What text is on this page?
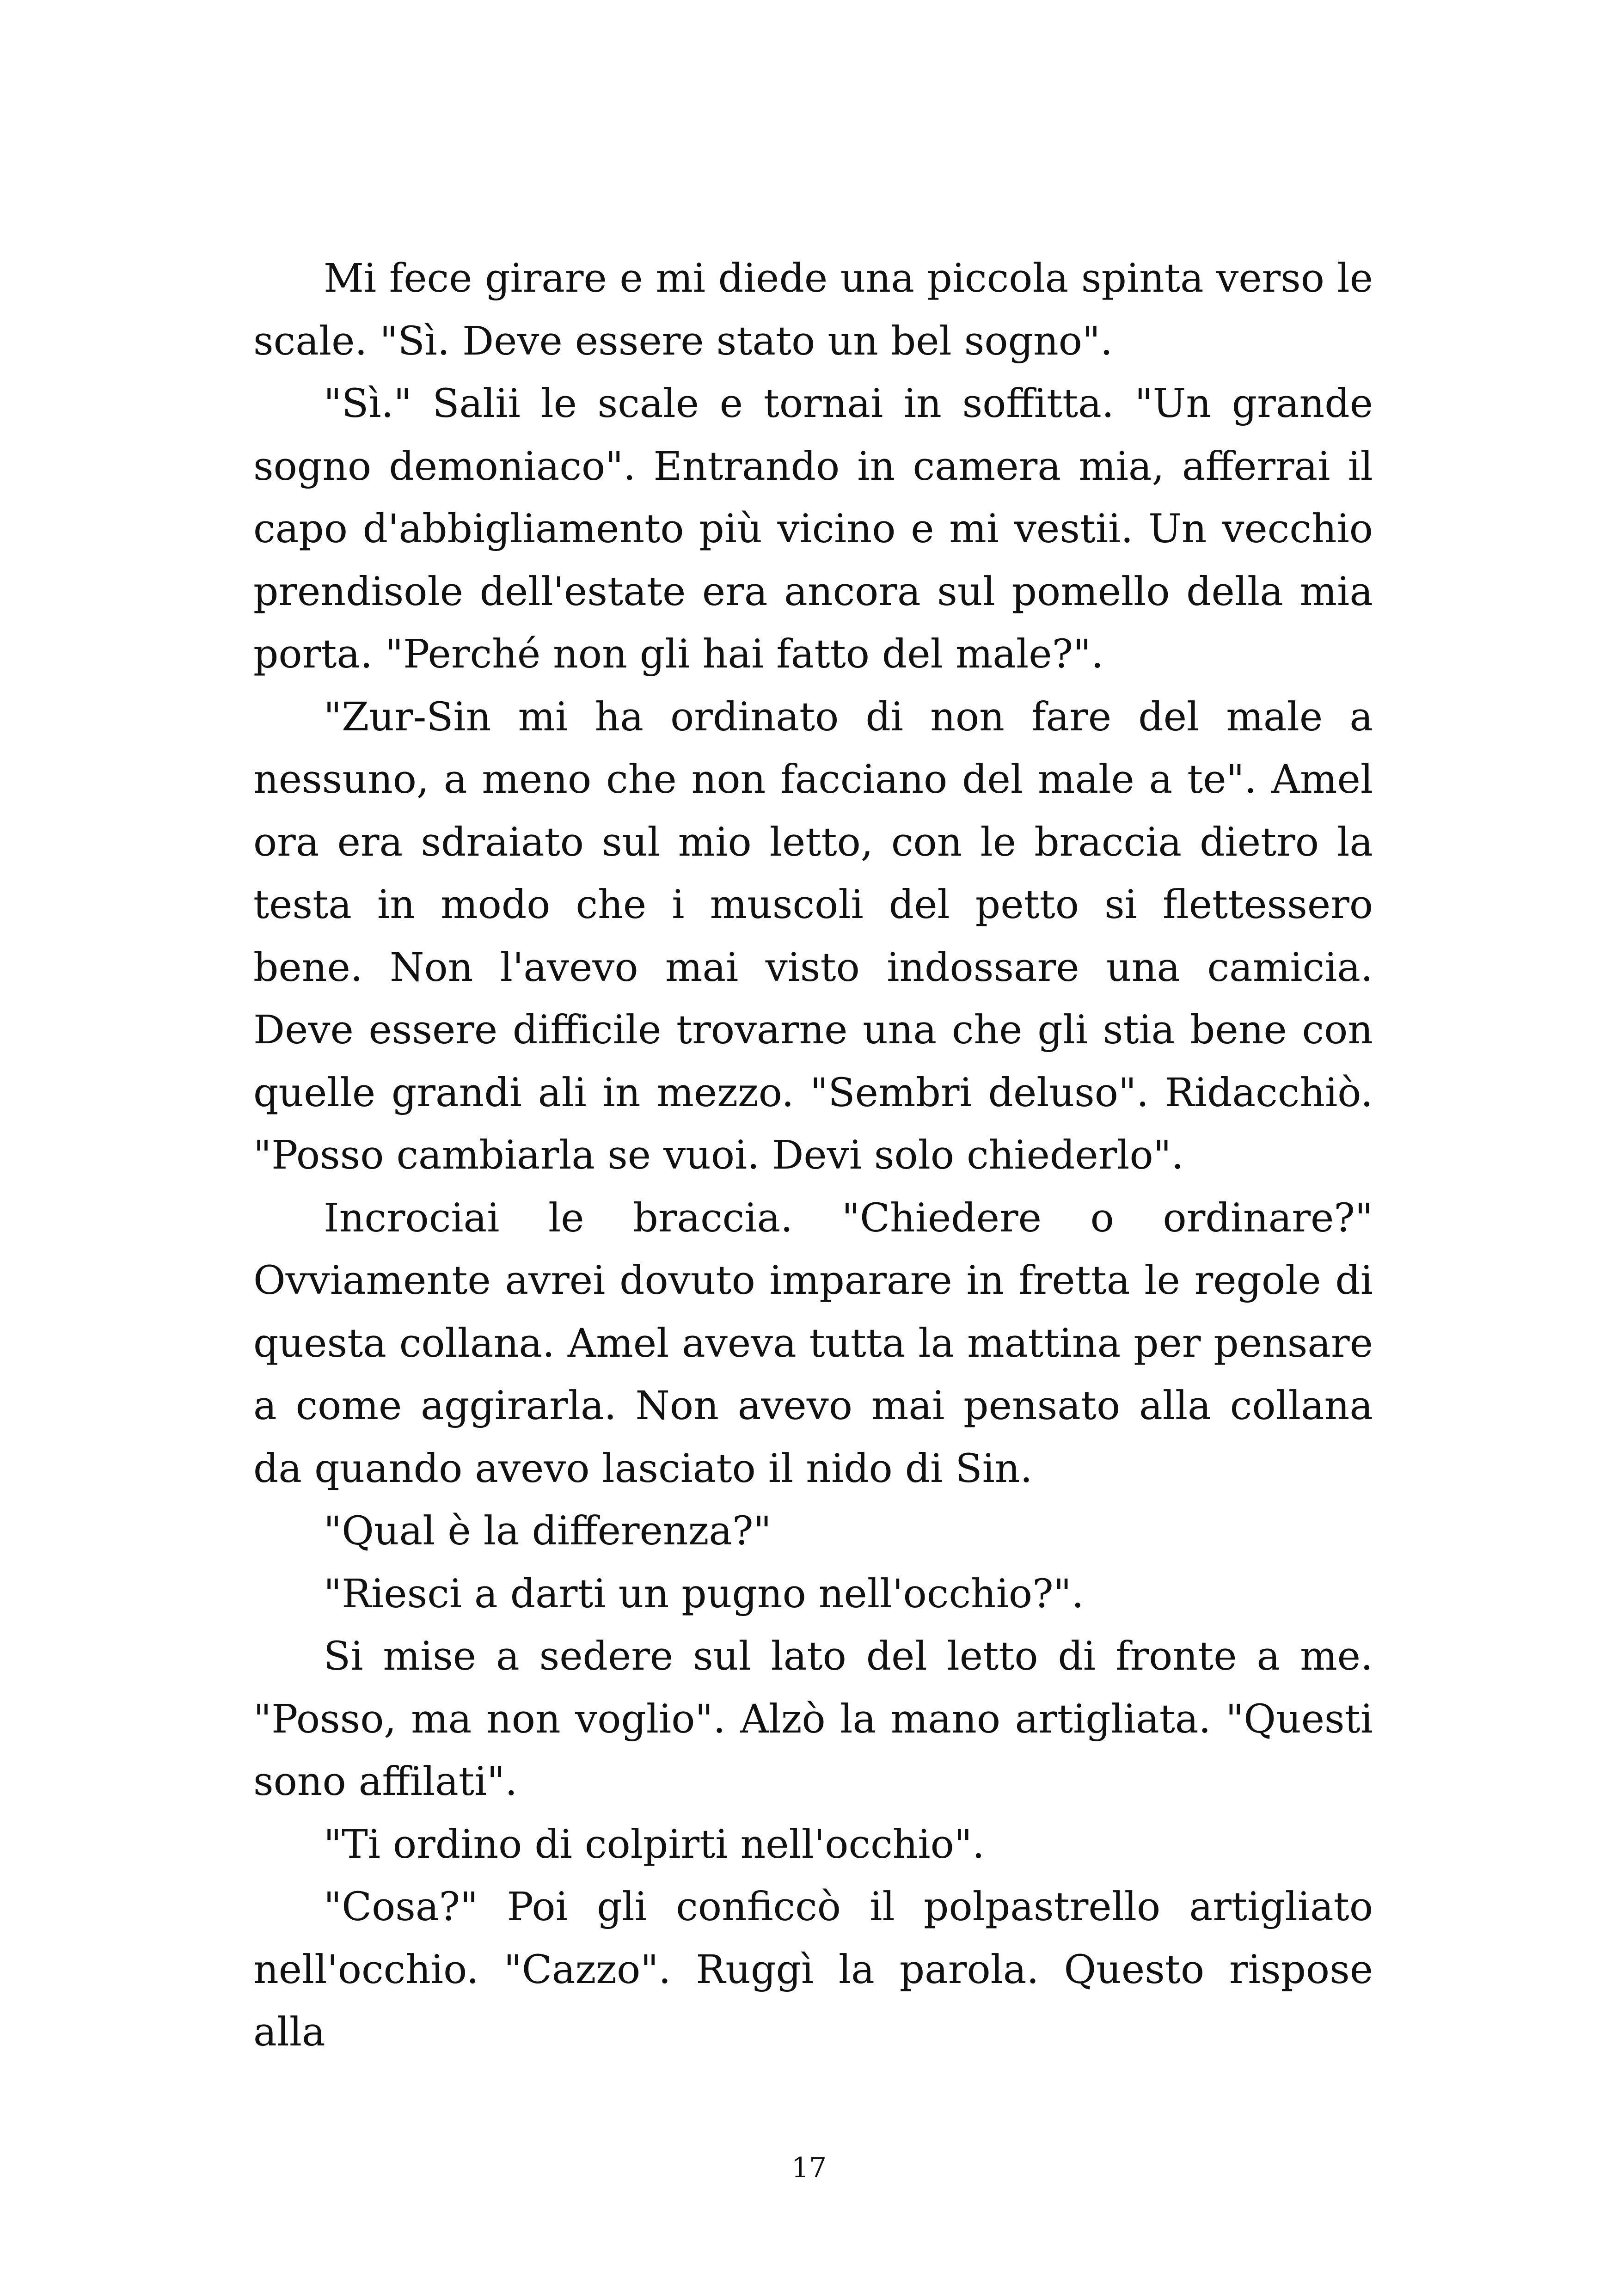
Mi fece girare e mi diede una piccola spinta verso le scale. "Sì. Deve essere stato un bel sogno".

"Sì." Salii le scale e tornai in soffitta. "Un grande sogno demoniaco". Entrando in camera mia, afferrai il capo d'abbigliamento più vicino e mi vestii. Un vecchio prendisole dell'estate era ancora sul pomello della mia porta. "Perché non gli hai fatto del male?".

"Zur-Sin mi ha ordinato di non fare del male a nessuno, a meno che non facciano del male a te". Amel ora era sdraiato sul mio letto, con le braccia dietro la testa in modo che i muscoli del petto si flettessero bene. Non l'avevo mai visto indossare una camicia. Deve essere difficile trovarne una che gli stia bene con quelle grandi ali in mezzo. "Sembri deluso". Ridacchiò. "Posso cambiarla se vuoi. Devi solo chiederlo".

Incrociai le braccia. "Chiedere o ordinare?" Ovviamente avrei dovuto imparare in fretta le regole di questa collana. Amel aveva tutta la mattina per pensare a come aggirarla. Non avevo mai pensato alla collana da quando avevo lasciato il nido di Sin.

"Qual è la differenza?"

"Riesci a darti un pugno nell'occhio?".

Si mise a sedere sul lato del letto di fronte a me. "Posso, ma non voglio". Alzò la mano artigliata. "Questi sono affilati".

"Ti ordino di colpirti nell'occhio".

"Cosa?" Poi gli conficcò il polpastrello artigliato nell'occhio. "Cazzo". Ruggì la parola. Questo rispose alla

17
